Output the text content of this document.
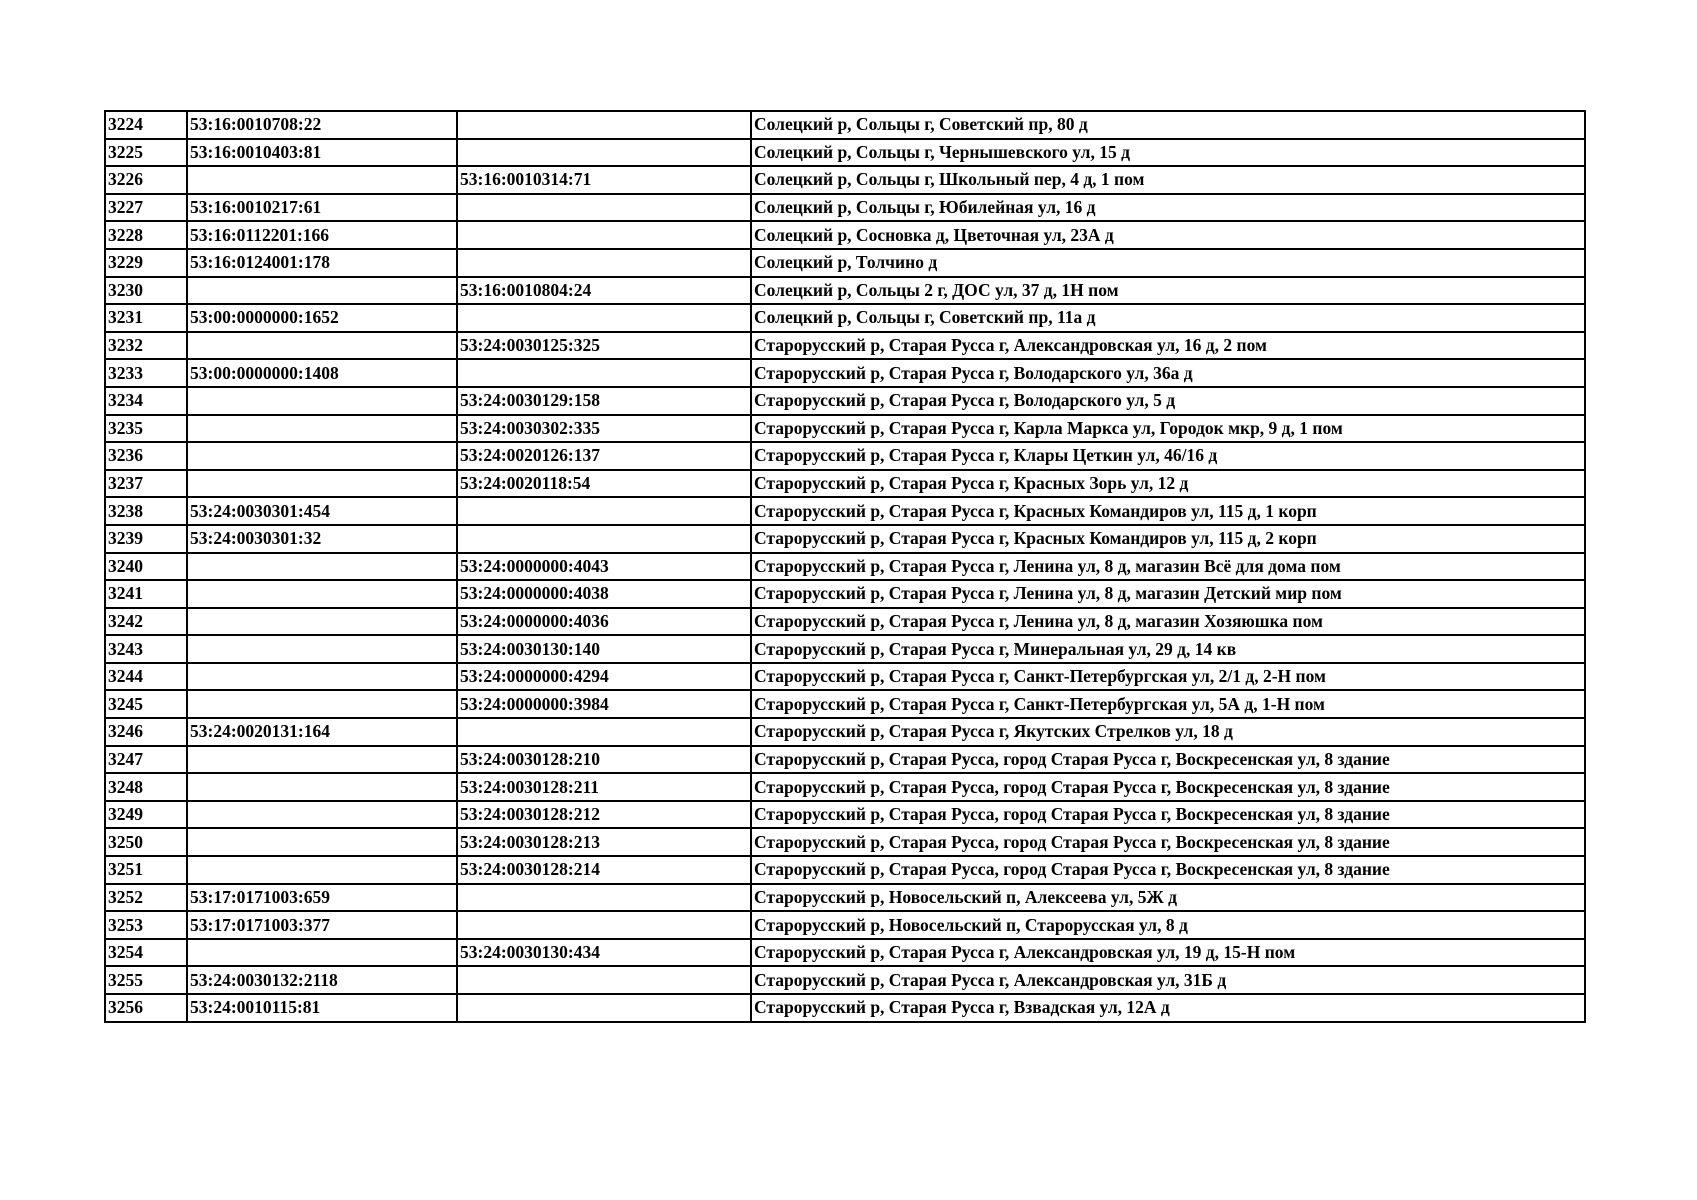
3224	53:16:0010708:22		Солецкий р, Сольцы г, Советский пр, 80 д
3225	53:16:0010403:81		Солецкий р, Сольцы г, Чернышевского ул, 15 д
3226		53:16:0010314:71	Солецкий р, Сольцы г, Школьный пер, 4 д, 1 пом
3227	53:16:0010217:61		Солецкий р, Сольцы г, Юбилейная ул, 16 д
3228	53:16:0112201:166		Солецкий р, Сосновка д, Цветочная ул, 23А д
3229	53:16:0124001:178		Солецкий р, Толчино д
3230		53:16:0010804:24	Солецкий р, Сольцы 2 г, ДОС ул, 37 д, 1Н пом
3231	53:00:0000000:1652		Солецкий р, Сольцы г, Советский пр, 11а д
3232		53:24:0030125:325	Старорусский р, Старая Русса г, Александровская ул, 16 д, 2 пом
3233	53:00:0000000:1408		Старорусский р, Старая Русса г, Володарского ул, 36а д
3234		53:24:0030129:158	Старорусский р, Старая Русса г, Володарского ул, 5 д
3235		53:24:0030302:335	Старорусский р, Старая Русса г, Карла Маркса ул, Городок мкр, 9 д, 1 пом
3236		53:24:0020126:137	Старорусский р, Старая Русса г, Клары Цеткин ул, 46/16 д
3237		53:24:0020118:54	Старорусский р, Старая Русса г, Красных Зорь ул, 12 д
3238	53:24:0030301:454		Старорусский р, Старая Русса г, Красных Командиров ул, 115 д, 1 корп
3239	53:24:0030301:32		Старорусский р, Старая Русса г, Красных Командиров ул, 115 д, 2 корп
3240		53:24:0000000:4043	Старорусский р, Старая Русса г, Ленина ул, 8 д, магазин Всё для дома пом
3241		53:24:0000000:4038	Старорусский р, Старая Русса г, Ленина ул, 8 д, магазин Детский мир пом
3242		53:24:0000000:4036	Старорусский р, Старая Русса г, Ленина ул, 8 д, магазин Хозяюшка пом
3243		53:24:0030130:140	Старорусский р, Старая Русса г, Минеральная ул, 29 д, 14 кв
3244		53:24:0000000:4294	Старорусский р, Старая Русса г, Санкт-Петербургская ул, 2/1 д, 2-Н пом
3245		53:24:0000000:3984	Старорусский р, Старая Русса г, Санкт-Петербургская ул, 5А д, 1-Н пом
3246	53:24:0020131:164		Старорусский р, Старая Русса г, Якутских Стрелков ул, 18 д
3247		53:24:0030128:210	Старорусский р, Старая Русса, город Старая Русса г, Воскресенская ул, 8 здание
3248		53:24:0030128:211	Старорусский р, Старая Русса, город Старая Русса г, Воскресенская ул, 8 здание
3249		53:24:0030128:212	Старорусский р, Старая Русса, город Старая Русса г, Воскресенская ул, 8 здание
3250		53:24:0030128:213	Старорусский р, Старая Русса, город Старая Русса г, Воскресенская ул, 8 здание
3251		53:24:0030128:214	Старорусский р, Старая Русса, город Старая Русса г, Воскресенская ул, 8 здание
3252	53:17:0171003:659		Старорусский р, Новосельский п, Алексеева ул, 5Ж д
3253	53:17:0171003:377		Старорусский р, Новосельский п, Старорусская ул, 8 д
3254		53:24:0030130:434	Старорусский р, Старая Русса г, Александровская ул, 19 д, 15-Н пом
3255	53:24:0030132:2118		Старорусский р, Старая Русса г, Александровская ул, 31Б д
3256	53:24:0010115:81		Старорусский р, Старая Русса г, Взвадская ул, 12А д
